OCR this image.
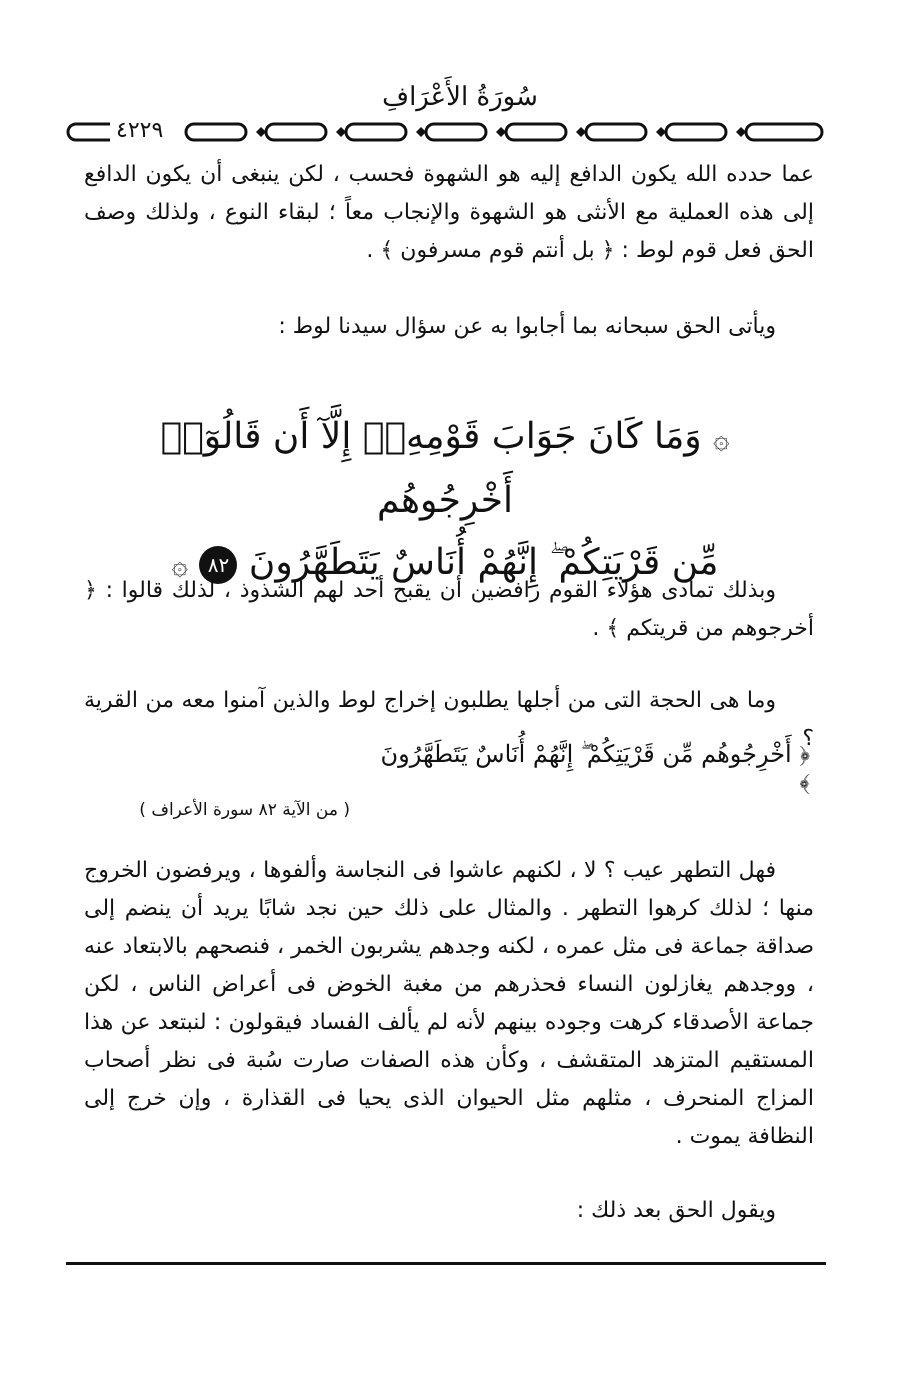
سُورَةُ الأَعْرَافِ
٤٢٢٩
عما حدده الله يكون الدافع إليه هو الشهوة فحسب ، لكن ينبغى أن يكون الدافع إلى هذه العملية مع الأنثى هو الشهوة والإنجاب معاً ؛ لبقاء النوع ، ولذلك وصف الحق فعل قوم لوط : ﴿ بل أنتم قوم مسرفون ﴾ .
ويأتى الحق سبحانه بما أجابوا به عن سؤال سيدنا لوط :
۞ وَمَا كَانَ جَوَابَ قَوْمِهِۦٓ إِلَّآ أَن قَالُوٓا۟ أَخْرِجُوهُم
مِّن قَرْيَتِكُمْ ۖ إِنَّهُمْ أُنَاسٌ يَتَطَهَّرُونَ ٨٢ ۞
وبذلك تمادى هؤلاء القوم رافضين أن يقبح أحد لهم الشذوذ ، لذلك قالوا : ﴿ أخرجوهم من قريتكم ﴾ .
وما هى الحجة التى من أجلها يطلبون إخراج لوط والذين آمنوا معه من القرية ؟
﴿ أَخْرِجُوهُم مِّن قَرْيَتِكُمْ ۖ إِنَّهُمْ أُنَاسٌ يَتَطَهَّرُونَ ﴾
( من الآية ٨٢ سورة الأعراف )
فهل التطهر عيب ؟ لا ، لكنهم عاشوا فى النجاسة وألفوها ، ويرفضون الخروج منها ؛ لذلك كرهوا التطهر . والمثال على ذلك حين نجد شابًا يريد أن ينضم إلى صداقة جماعة فى مثل عمره ، لكنه وجدهم يشربون الخمر ، فنصحهم بالابتعاد عنه ، ووجدهم يغازلون النساء فحذرهم من مغبة الخوض فى أعراض الناس ، لكن جماعة الأصدقاء كرهت وجوده بينهم لأنه لم يألف الفساد فيقولون : لنبتعد عن هذا المستقيم المتزهد المتقشف ، وكأن هذه الصفات صارت سُبة فى نظر أصحاب المزاج المنحرف ، مثلهم مثل الحيوان الذى يحيا فى القذارة ، وإن خرج إلى النظافة يموت .
ويقول الحق بعد ذلك :
